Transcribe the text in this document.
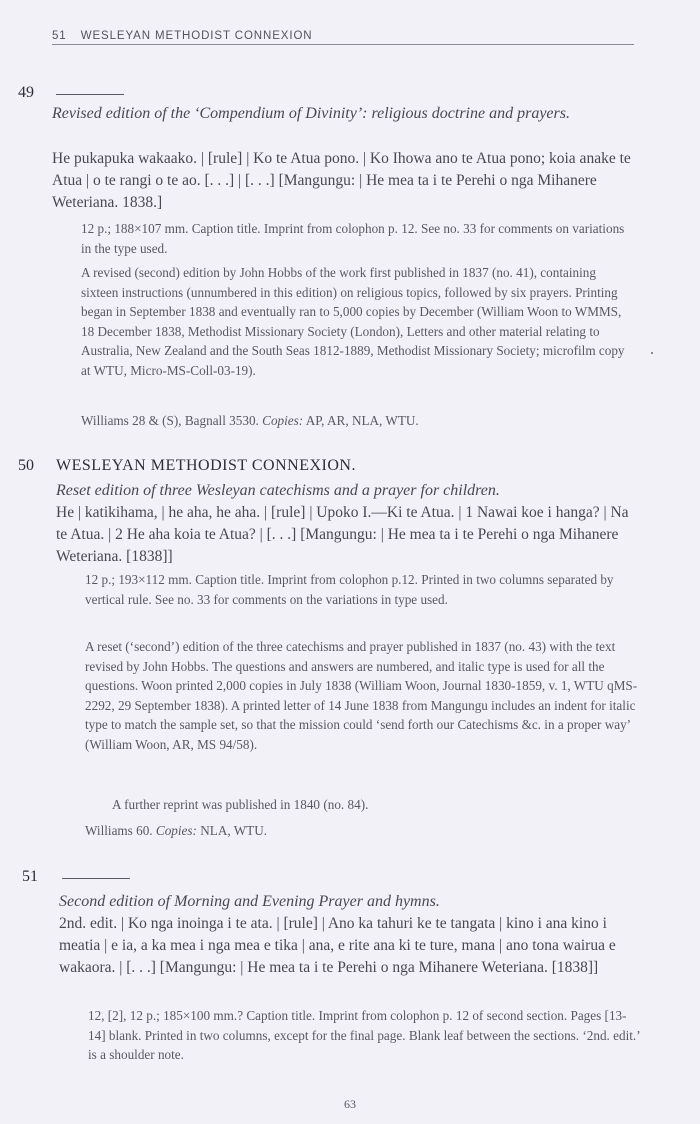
51 WESLEYAN METHODIST CONNEXION
49
Revised edition of the ‘Compendium of Divinity’: religious doctrine and prayers.
He pukapuka wakaako. | [rule] | Ko te Atua pono. | Ko Ihowa ano te Atua pono; koia anake te Atua | o te rangi o te ao. [. . .] | [. . .] [Mangungu: | He mea ta i te Perehi o nga Mihanere Weteriana. 1838.]
12 p.; 188×107 mm. Caption title. Imprint from colophon p. 12. See no. 33 for comments on variations in the type used.
A revised (second) edition by John Hobbs of the work first published in 1837 (no. 41), containing sixteen instructions (unnumbered in this edition) on religious topics, followed by six prayers. Printing began in September 1838 and eventually ran to 5,000 copies by December (William Woon to WMMS, 18 December 1838, Methodist Missionary Society (London), Letters and other material relating to Australia, New Zealand and the South Seas 1812-1889, Methodist Missionary Society; microfilm copy at WTU, Micro-MS-Coll-03-19).
Williams 28 & (S), Bagnall 3530. Copies: AP, AR, NLA, WTU.
50 WESLEYAN METHODIST CONNEXION.
Reset edition of three Wesleyan catechisms and a prayer for children.
He | katikihama, | he aha, he aha. | [rule] | Upoko I.—Ki te Atua. | 1 Nawai koe i hanga? | Na te Atua. | 2 He aha koia te Atua? | [. . .] [Mangungu: | He mea ta i te Perehi o nga Mihanere Weteriana. [1838]]
12 p.; 193×112 mm. Caption title. Imprint from colophon p.12. Printed in two columns separated by vertical rule. See no. 33 for comments on the variations in type used.
A reset (‘second’) edition of the three catechisms and prayer published in 1837 (no. 43) with the text revised by John Hobbs. The questions and answers are numbered, and italic type is used for all the questions. Woon printed 2,000 copies in July 1838 (William Woon, Journal 1830-1859, v. 1, WTU qMS-2292, 29 September 1838). A printed letter of 14 June 1838 from Mangungu includes an indent for italic type to match the sample set, so that the mission could ‘send forth our Catechisms &c. in a proper way’ (William Woon, AR, MS 94/58).
A further reprint was published in 1840 (no. 84).
Williams 60. Copies: NLA, WTU.
51
Second edition of Morning and Evening Prayer and hymns.
2nd. edit. | Ko nga inoinga i te ata. | [rule] | Ano ka tahuri ke te tangata | kino i ana kino i meatia | e ia, a ka mea i nga mea e tika | ana, e rite ana ki te ture, mana | ano tona wairua e wakaora. | [. . .] [Mangungu: | He mea ta i te Perehi o nga Mihanere Weteriana. [1838]]
12, [2], 12 p.; 185×100 mm.? Caption title. Imprint from colophon p. 12 of second section. Pages [13-14] blank. Printed in two columns, except for the final page. Blank leaf between the sections. ‘2nd. edit.’ is a shoulder note.
63
